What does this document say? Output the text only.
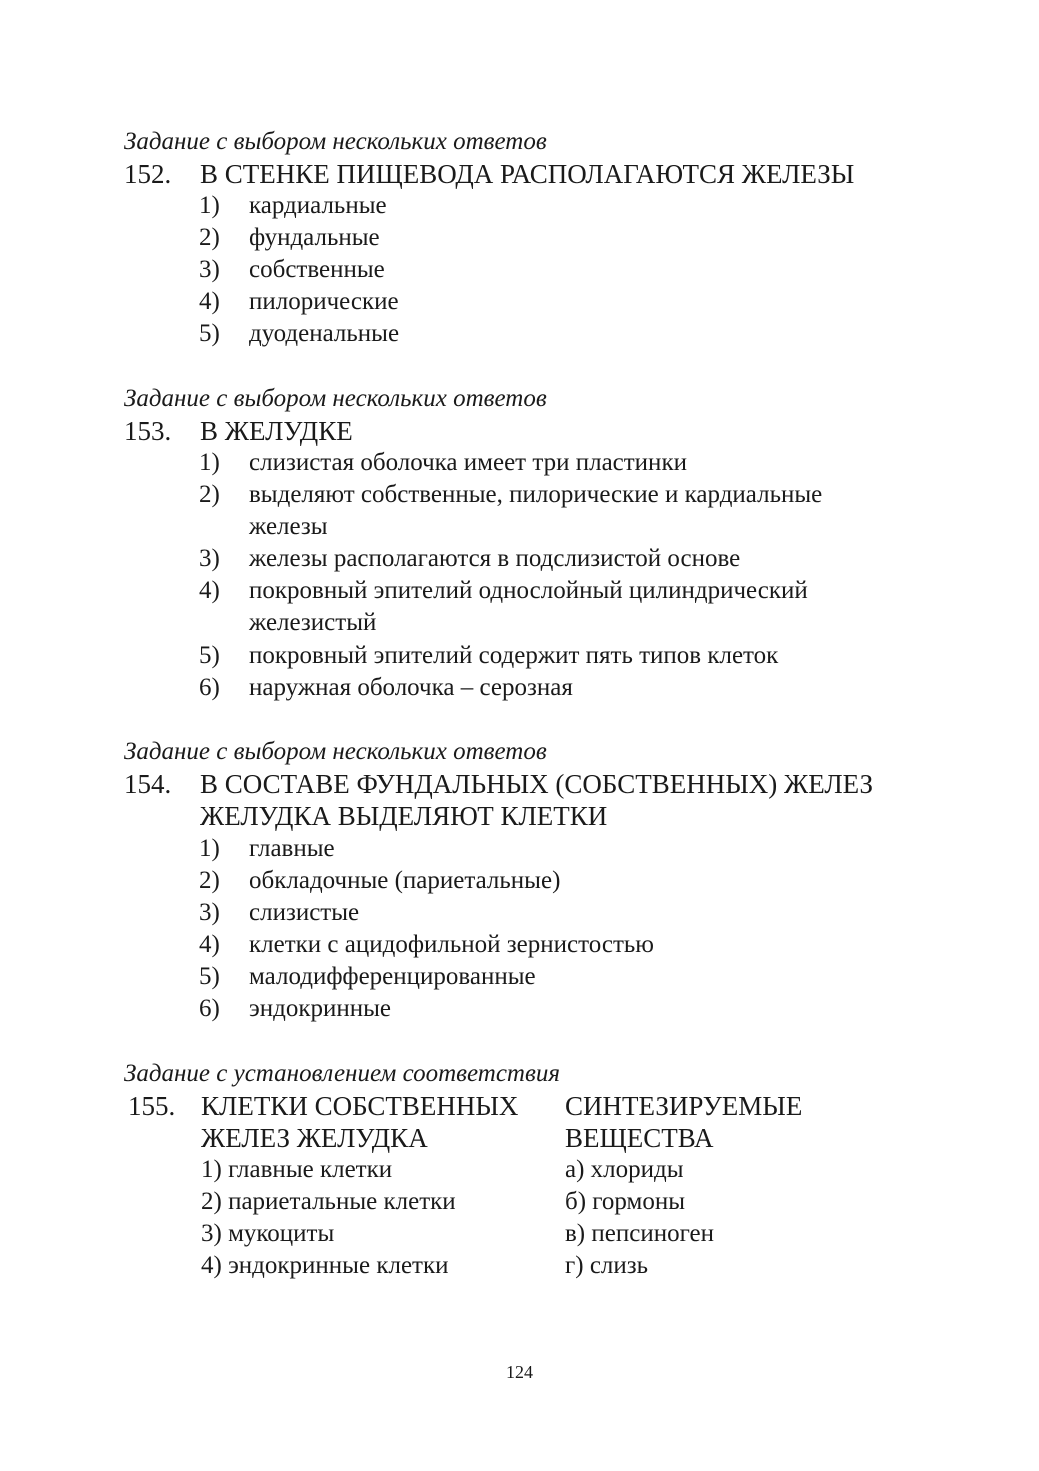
Задание с выбором нескольких ответов
152. В СТЕНКЕ ПИЩЕВОДА РАСПОЛАГАЮТСЯ ЖЕЛЕЗЫ
1) кардиальные
2) фундальные
3) собственные
4) пилорические
5) дуоденальные
Задание с выбором нескольких ответов
153. В ЖЕЛУДКЕ
1) слизистая оболочка имеет три пластинки
2) выделяют собственные, пилорические и кардиальные
железы
3) железы располагаются в подслизистой основе
4) покровный эпителий однослойный цилиндрический
железистый
5) покровный эпителий содержит пять типов клеток
6) наружная оболочка – серозная
Задание с выбором нескольких ответов
154. В СОСТАВЕ ФУНДАЛЬНЫХ (СОБСТВЕННЫХ) ЖЕЛЕЗ
ЖЕЛУДКА ВЫДЕЛЯЮТ КЛЕТКИ
1) главные
2) обкладочные (париетальные)
3) слизистые
4) клетки с ацидофильной зернистостью
5) малодифференцированные
6) эндокринные
Задание с установлением соответствия
155. КЛЕТКИ СОБСТВЕННЫХ
ЖЕЛЕЗ ЖЕЛУДКА
СИНТЕЗИРУЕМЫЕ
ВЕЩЕСТВА
1) главные клетки
2) париетальные клетки
3) мукоциты
4) эндокринные клетки
а) хлориды
б) гормоны
в) пепсиноген
г) слизь
124
